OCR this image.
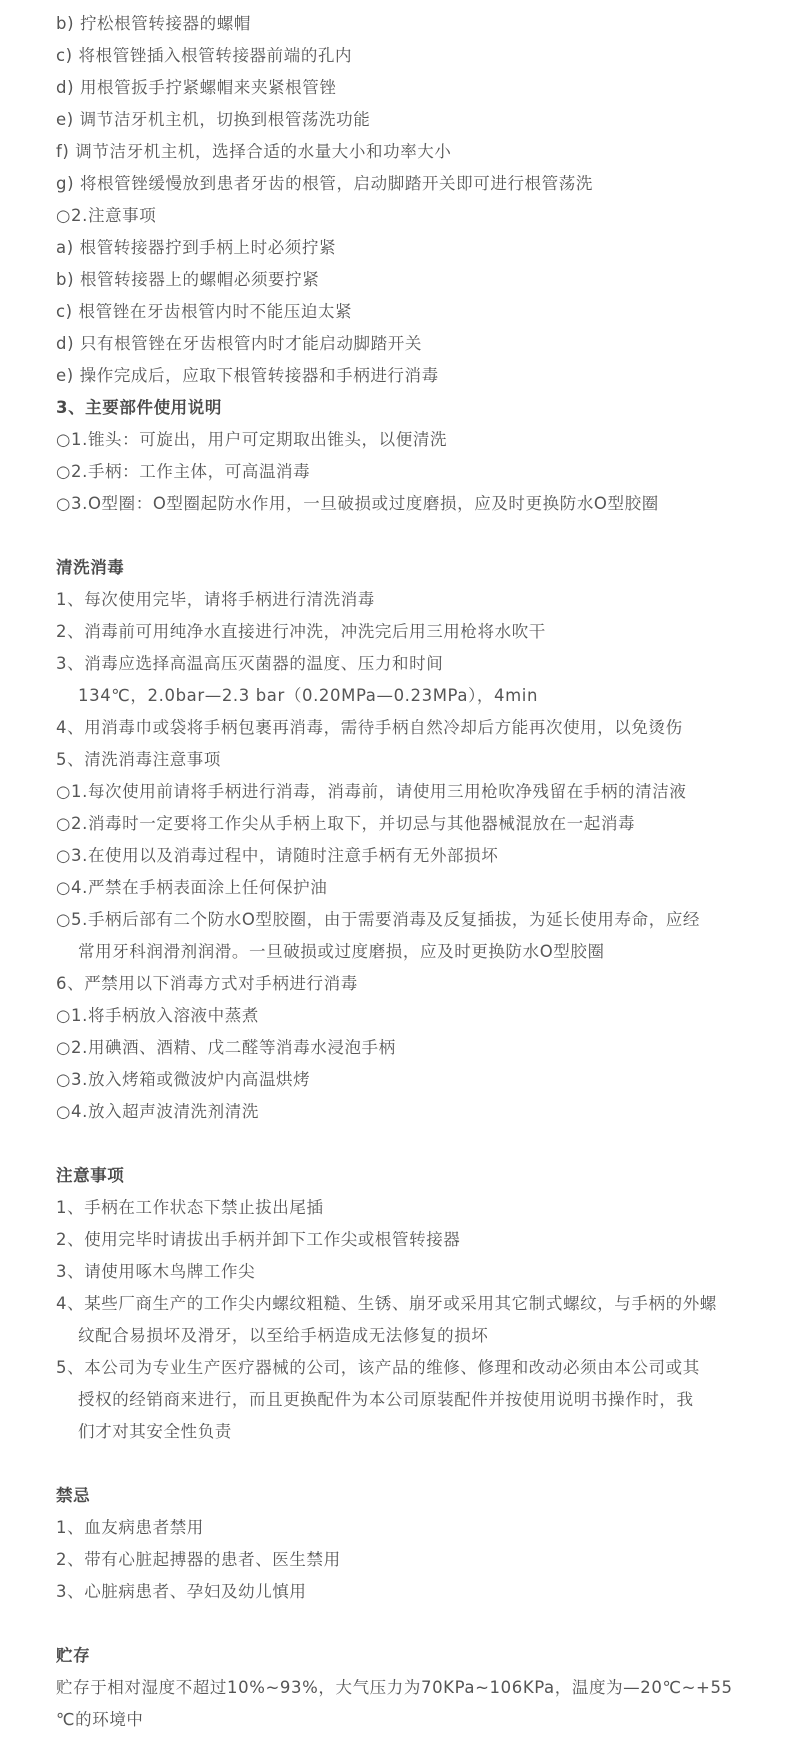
b) 拧松根管转接器的螺帽
c) 将根管锉插入根管转接器前端的孔内
d) 用根管扳手拧紧螺帽来夹紧根管锉
e) 调节洁牙机主机，切换到根管荡洗功能
f) 调节洁牙机主机，选择合适的水量大小和功率大小
g) 将根管锉缓慢放到患者牙齿的根管，启动脚踏开关即可进行根管荡洗
○2.注意事项
a) 根管转接器拧到手柄上时必须拧紧
b) 根管转接器上的螺帽必须要拧紧
c) 根管锉在牙齿根管内时不能压迫太紧
d) 只有根管锉在牙齿根管内时才能启动脚踏开关
e) 操作完成后，应取下根管转接器和手柄进行消毒
3、主要部件使用说明
○1.锥头：可旋出，用户可定期取出锥头，以便清洗
○2.手柄：工作主体，可高温消毒
○3.O型圈：O型圈起防水作用，一旦破损或过度磨损，应及时更换防水O型胶圈
清洗消毒
1、每次使用完毕，请将手柄进行清洗消毒
2、消毒前可用纯净水直接进行冲洗，冲洗完后用三用枪将水吹干
3、消毒应选择高温高压灭菌器的温度、压力和时间
134℃，2.0bar—2.3 bar（0.20MPa—0.23MPa），4min
4、用消毒巾或袋将手柄包裹再消毒，需待手柄自然冷却后方能再次使用，以免烫伤
5、清洗消毒注意事项
○1.每次使用前请将手柄进行消毒，消毒前，请使用三用枪吹净残留在手柄的清洁液
○2.消毒时一定要将工作尖从手柄上取下，并切忌与其他器械混放在一起消毒
○3.在使用以及消毒过程中，请随时注意手柄有无外部损坏
○4.严禁在手柄表面涂上任何保护油
○5.手柄后部有二个防水O型胶圈，由于需要消毒及反复插拔，为延长使用寿命，应经
常用牙科润滑剂润滑。一旦破损或过度磨损，应及时更换防水O型胶圈
6、严禁用以下消毒方式对手柄进行消毒
○1.将手柄放入溶液中蒸煮
○2.用碘酒、酒精、戊二醛等消毒水浸泡手柄
○3.放入烤箱或微波炉内高温烘烤
○4.放入超声波清洗剂清洗
注意事项
1、手柄在工作状态下禁止拔出尾插
2、使用完毕时请拔出手柄并卸下工作尖或根管转接器
3、请使用啄木鸟牌工作尖
4、某些厂商生产的工作尖内螺纹粗糙、生锈、崩牙或采用其它制式螺纹，与手柄的外螺
纹配合易损坏及滑牙，以至给手柄造成无法修复的损坏
5、本公司为专业生产医疗器械的公司，该产品的维修、修理和改动必须由本公司或其
授权的经销商来进行，而且更换配件为本公司原装配件并按使用说明书操作时，我
们才对其安全性负责
禁忌
1、血友病患者禁用
2、带有心脏起搏器的患者、医生禁用
3、心脏病患者、孕妇及幼儿慎用
贮存
贮存于相对湿度不超过10%~93%，大气压力为70KPa~106KPa，温度为—20℃~+55
℃的环境中
